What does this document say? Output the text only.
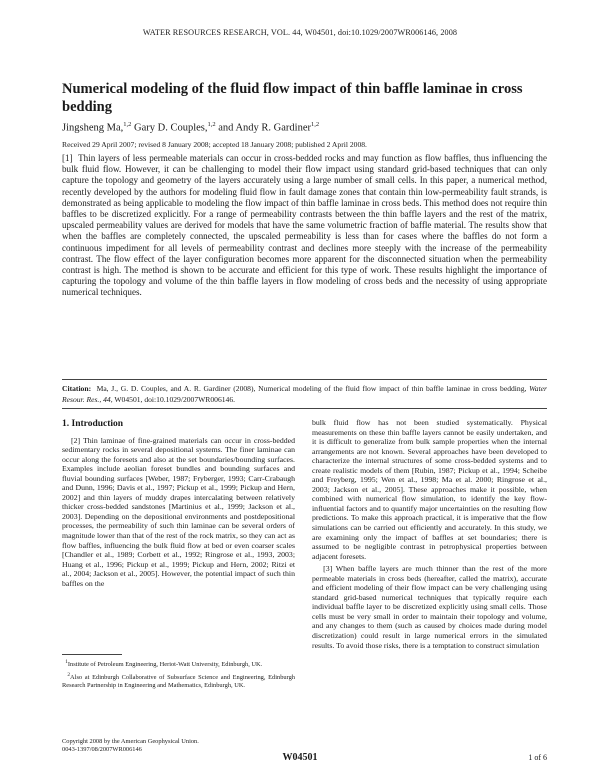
WATER RESOURCES RESEARCH, VOL. 44, W04501, doi:10.1029/2007WR006146, 2008
Numerical modeling of the fluid flow impact of thin baffle laminae in cross bedding
Jingsheng Ma,$^{1,2}$ Gary D. Couples,$^{1,2}$ and Andy R. Gardiner$^{1,2}$
Received 29 April 2007; revised 8 January 2008; accepted 18 January 2008; published 2 April 2008.
[1] Thin layers of less permeable materials can occur in cross-bedded rocks and may function as flow baffles, thus influencing the bulk fluid flow. However, it can be challenging to model their flow impact using standard grid-based techniques that can only capture the topology and geometry of the layers accurately using a large number of small cells. In this paper, a numerical method, recently developed by the authors for modeling fluid flow in fault damage zones that contain thin low-permeability fault strands, is demonstrated as being applicable to modeling the flow impact of thin baffle laminae in cross beds. This method does not require thin baffles to be discretized explicitly. For a range of permeability contrasts between the thin baffle layers and the rest of the matrix, upscaled permeability values are derived for models that have the same volumetric fraction of baffle material. The results show that when the baffles are completely connected, the upscaled permeability is less than for cases where the baffles do not form a continuous impediment for all levels of permeability contrast and declines more steeply with the increase of the permeability contrast. The flow effect of the layer configuration becomes more apparent for the disconnected situation when the permeability contrast is high. The method is shown to be accurate and efficient for this type of work. These results highlight the importance of capturing the topology and volume of the thin baffle layers in flow modeling of cross beds and the necessity of using appropriate numerical techniques.
Citation: Ma, J., G. D. Couples, and A. R. Gardiner (2008), Numerical modeling of the fluid flow impact of thin baffle laminae in cross bedding, Water Resour. Res., 44, W04501, doi:10.1029/2007WR006146.
1. Introduction

[2] Thin laminae of fine-grained materials can occur in cross-bedded sedimentary rocks in several depositional systems. The finer laminae can occur along the foresets and also at the set boundaries/bounding surfaces. Examples include aeolian foreset bundles and bounding surfaces and fluvial bounding surfaces [Weber, 1987; Fryberger, 1993; Carr-Crabaugh and Dunn, 1996; Davis et al., 1997; Pickup et al., 1999; Pickup and Hern, 2002] and thin layers of muddy drapes intercalating between relatively thicker cross-bedded sandstones [Martinius et al., 1999; Jackson et al., 2003]. Depending on the depositional environments and postdepositional processes, the permeability of such thin laminae can be several orders of magnitude lower than that of the rest of the rock matrix, so they can act as flow baffles, influencing the bulk fluid flow at bed or even coarser scales [Chandler et al., 1989; Corbett et al., 1992; Ringrose et al., 1993, 2003; Huang et al., 1996; Pickup et al., 1999; Pickup and Hern, 2002; Ritzi et al., 2004; Jackson et al., 2005]. However, the potential impact of such thin baffles on the

bulk fluid flow has not been studied systematically. Physical measurements on these thin baffle layers cannot be easily undertaken, and it is difficult to generalize from bulk sample properties when the internal arrangements are not known. Several approaches have been developed to characterize the internal structures of some cross-bedded systems and to create realistic models of them [Rubin, 1987; Pickup et al., 1994; Scheibe and Freyberg, 1995; Wen et al., 1998; Ma et al. 2000; Ringrose et al., 2003; Jackson et al., 2005]. These approaches make it possible, when combined with numerical flow simulation, to identify the key flow-influential factors and to quantify major uncertainties on the resulting flow predictions. To make this approach practical, it is imperative that the flow simulations can be carried out efficiently and accurately. In this study, we are examining only the impact of baffles at set boundaries; there is assumed to be negligible contrast in petrophysical properties between adjacent foresets.

[3] When baffle layers are much thinner than the rest of the more permeable materials in cross beds (hereafter, called the matrix), accurate and efficient modeling of their flow impact can be very challenging using standard grid-based numerical techniques that typically require each individual baffle layer to be discretized explicitly using small cells. Those cells must be very small in order to maintain their topology and volume, and any changes to them (such as caused by choices made during model discretization) could result in large numerical errors in the simulated results. To avoid those risks, there is a temptation to construct simulation

$^1$Institute of Petroleum Engineering, Heriot-Watt University, Edinburgh, UK.

$^2$Also at Edinburgh Collaborative of Subsurface Science and Engineering, Edinburgh Research Partnership in Engineering and Mathematics, Edinburgh, UK.

Copyright 2008 by the American Geophysical Union.
0043-1397/08/2007WR006146
W04501	1 of 6
